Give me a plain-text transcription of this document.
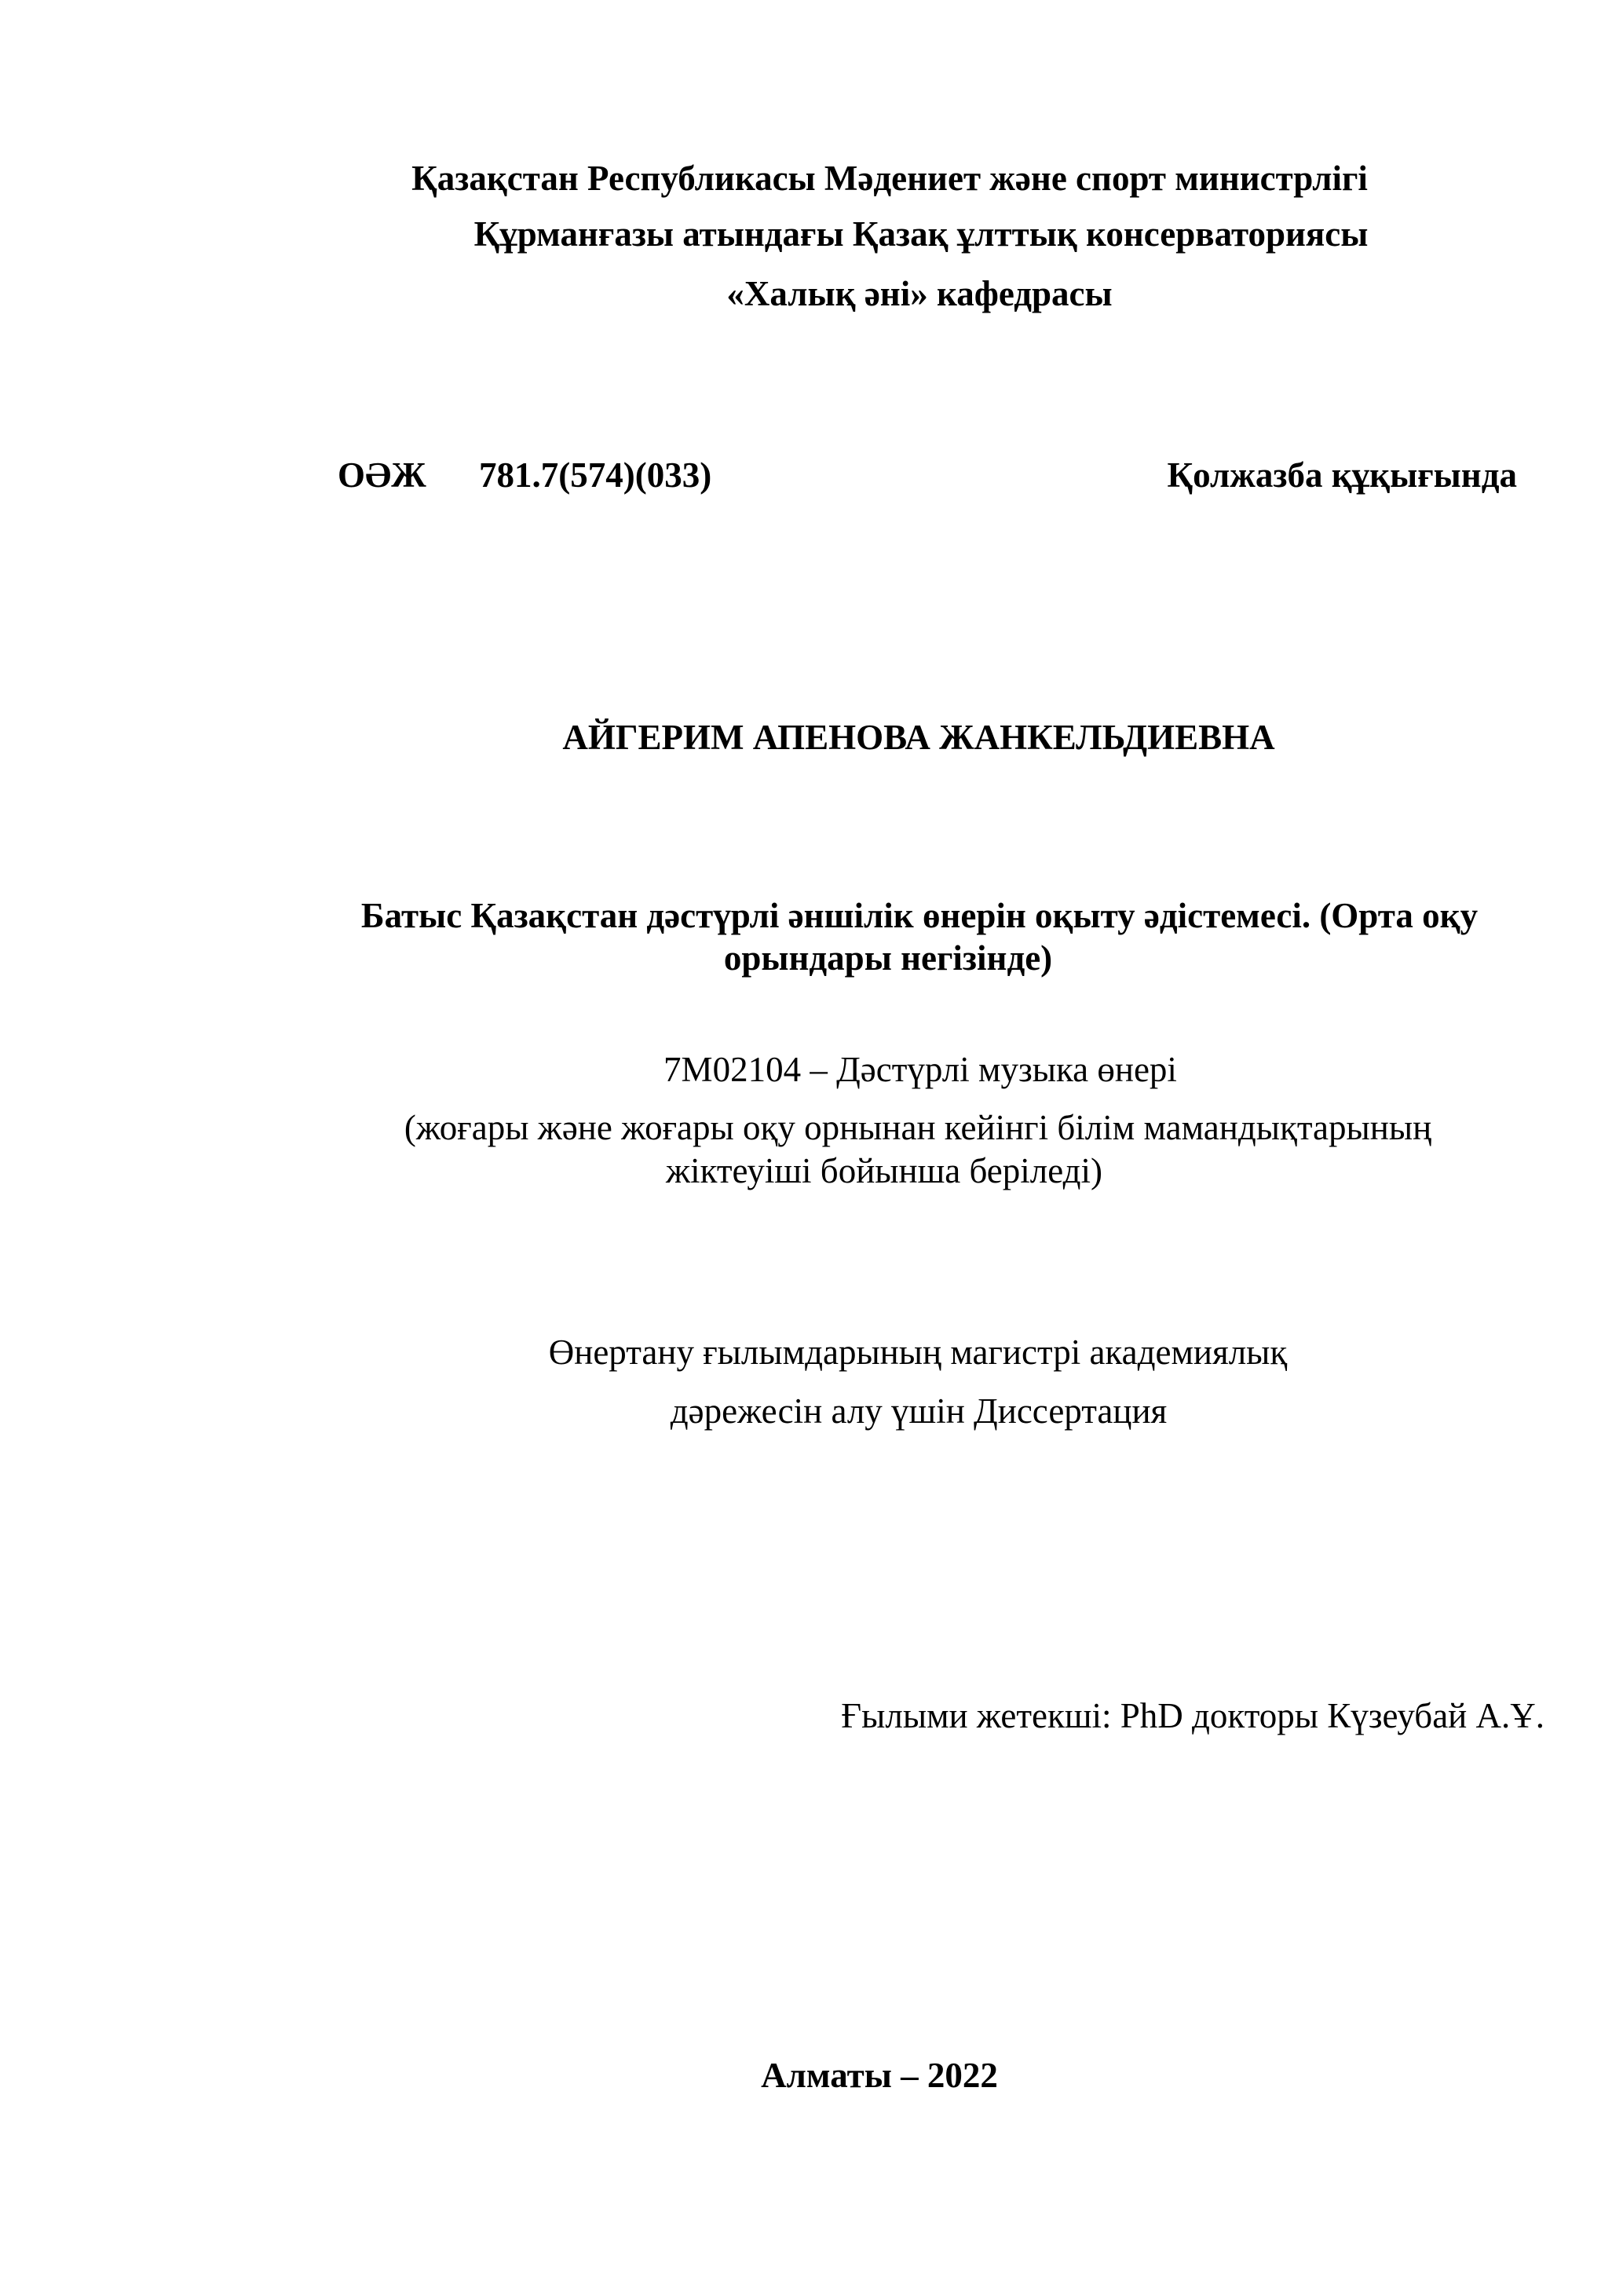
Қазақстан Республикасы Мәдениет және спорт министрлігі
Құрманғазы атындағы Қазақ ұлттық консерваториясы
«Халық әні» кафедрасы
ОӘЖ 781.7(574)(033)	Қолжазба құқығында
АЙГЕРИМ АПЕНОВА ЖАНКЕЛЬДИЕВНА
Батыс Қазақстан дәстүрлі әншілік өнерін оқыту әдістемесі. (Орта оқу
орындары негізінде)
7М02104 – Дәстүрлі музыка өнері
(жоғары және жоғары оқу орнынан кейінгі білім мамандықтарының
жіктеуіші бойынша беріледі)
Өнертану ғылымдарының магистрі академиялық
дәрежесін алу үшін Диссертация
Ғылыми жетекші: PhD докторы Күзеубай А.Ұ.
Алматы – 2022
